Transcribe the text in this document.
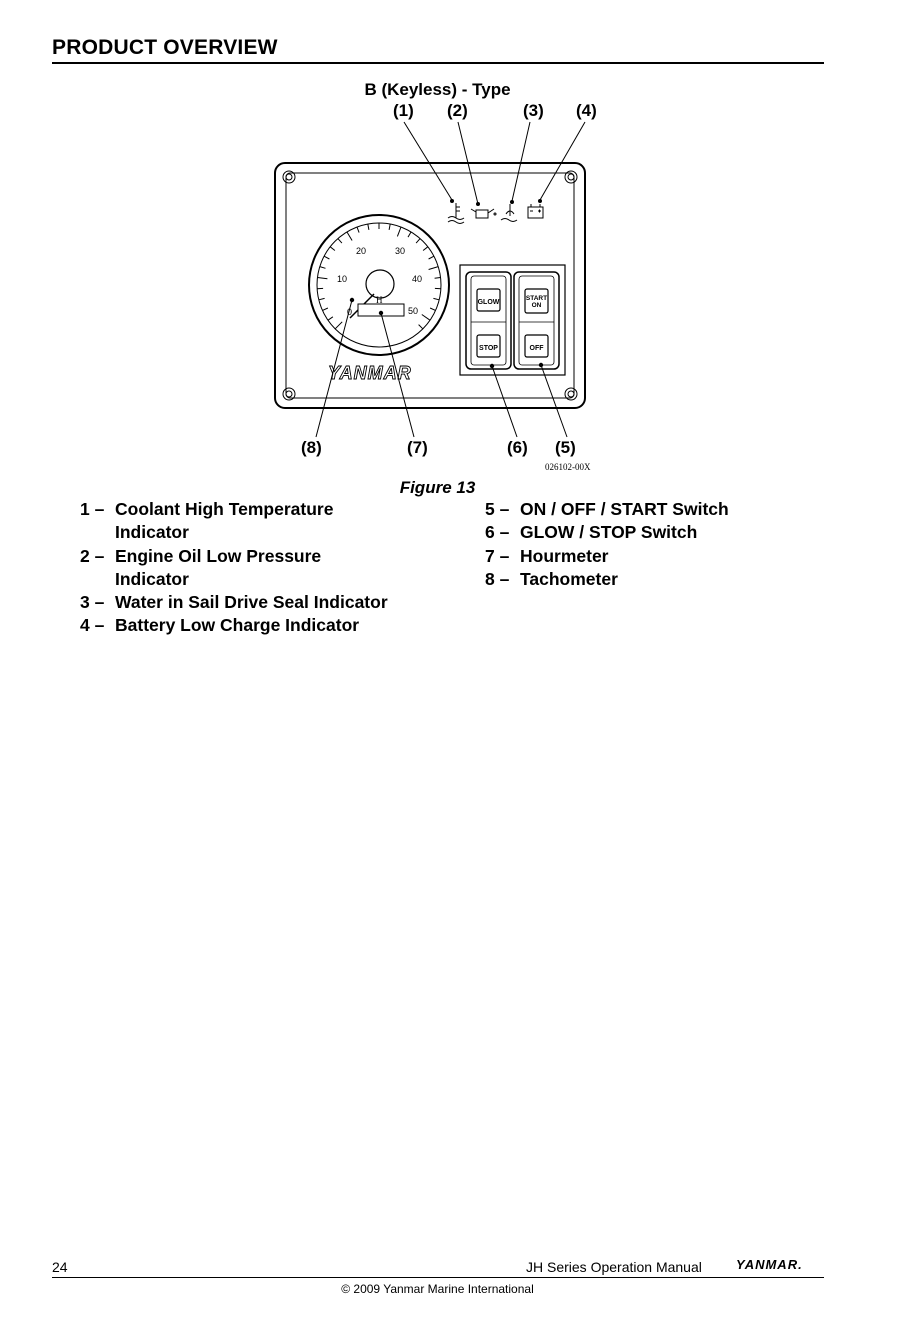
PRODUCT OVERVIEW
B (Keyless) - Type
(1) (2)	(3) (4)
(5)
(6)
(7)
(8)
026102-00X
0
10
20	30
40
50
H
YANMAR
GLOW
STOP
START ON
OFF
Figure 13
1 – Coolant High Temperature
Indicator
2 – Engine Oil Low Pressure
Indicator
3 – Water in Sail Drive Seal Indicator
4 – Battery Low Charge Indicator
5 – ON / OFF / START Switch
6 – GLOW / STOP Switch
7 – Hourmeter
8 – Tachometer
24	JH Series Operation Manual	YANMAR.
© 2009 Yanmar Marine International
